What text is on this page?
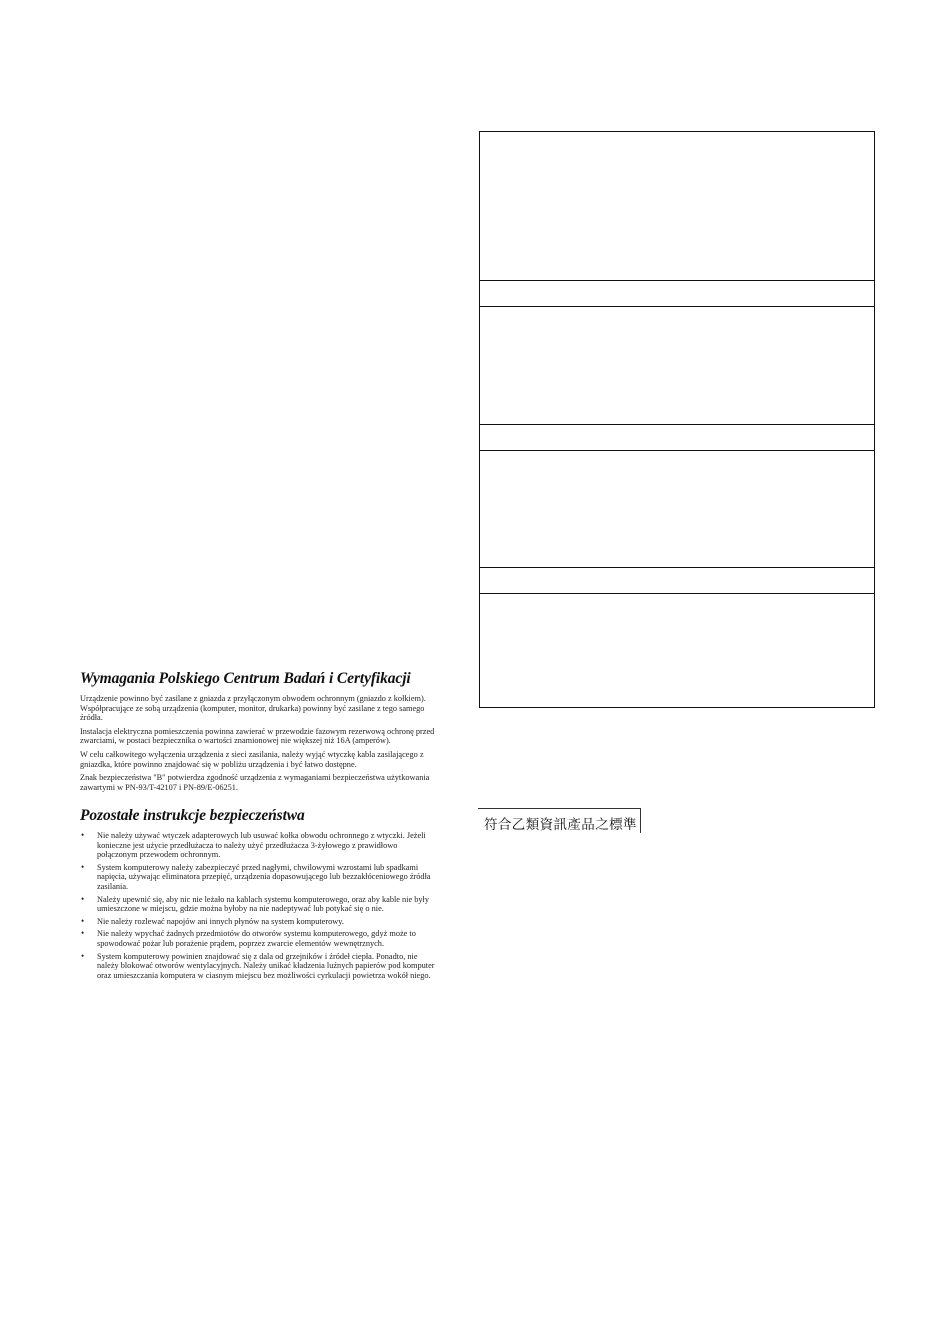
Wymagania Polskiego Centrum Badań i Certyfikacji

Urządzenie powinno być zasilane z gniazda z przyłączonym obwodem ochronnym (gniazdo z kołkiem). Współpracujące ze sobą urządzenia (komputer, monitor, drukarka) powinny być zasilane z tego samego źródła.

Instalacja elektryczna pomieszczenia powinna zawierać w przewodzie fazowym rezerwową ochronę przed zwarciami, w postaci bezpiecznika o wartości znamionowej nie większej niż 16A (amperów).

W celu całkowitego wyłączenia urządzenia z sieci zasilania, należy wyjąć wtyczkę kabla zasilającego z gniazdka, które powinno znajdować się w pobliżu urządzenia i być łatwo dostępne.

Znak bezpieczeństwa "B" potwierdza zgodność urządzenia z wymaganiami bezpieczeństwa użytkowania zawartymi w PN-93/T-42107 i PN-89/E-06251.

Pozostałe instrukcje bezpieczeństwa
• Nie należy używać wtyczek adapterowych lub usuwać kołka obwodu ochronnego z wtyczki. Jeżeli konieczne jest użycie przedłużacza to należy użyć przedłużacza 3-żyłowego z prawidłowo połączonym przewodem ochronnym.
• System komputerowy należy zabezpieczyć przed nagłymi, chwilowymi wzrostami lub spadkami napięcia, używając eliminatora przepięć, urządzenia dopasowującego lub bezzakłóceniowego źródła zasilania.
• Należy upewnić się, aby nic nie leżało na kablach systemu komputerowego, oraz aby kable nie były umieszczone w miejscu, gdzie można byłoby na nie nadeptywać lub potykać się o nie.
• Nie należy rozlewać napojów ani innych płynów na system komputerowy.
• Nie należy wpychać żadnych przedmiotów do otworów systemu komputerowego, gdyż może to spowodować pożar lub porażenie prądem, poprzez zwarcie elementów wewnętrznych.
• System komputerowy powinien znajdować się z dala od grzejników i źródeł ciepła. Ponadto, nie należy blokować otworów wentylacyjnych. Należy unikać kładzenia luźnych papierów pod komputer oraz umieszczania komputera w ciasnym miejscu bez możliwości cyrkulacji powietrza wokół niego.
符合乙類資訊產品之標準
